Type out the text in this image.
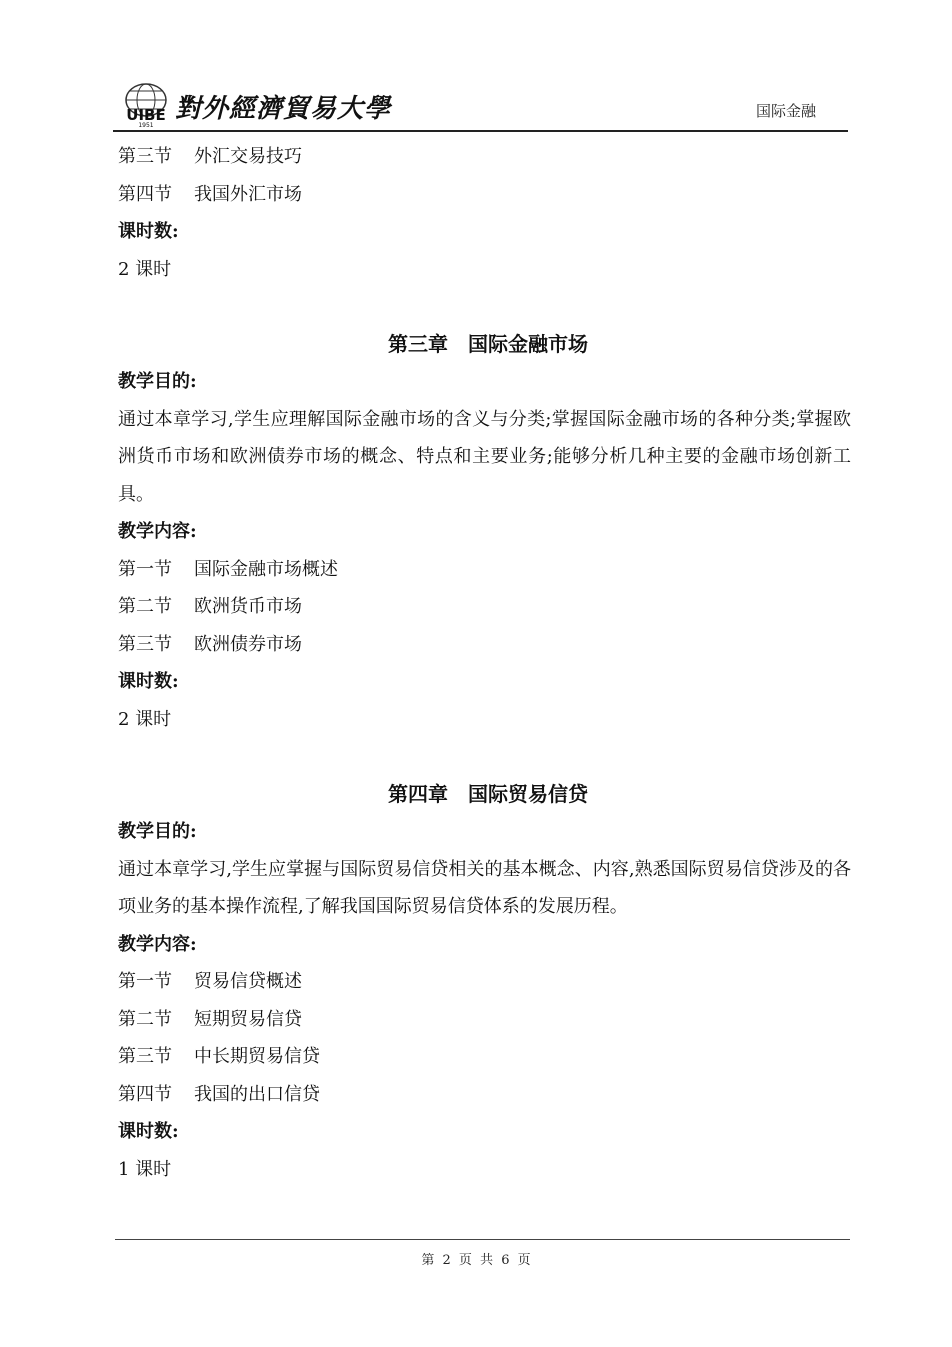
UIBE
1951
對外經濟貿易大學	国际金融
第三节 外汇交易技巧
第四节 我国外汇市场
课时数:
2 课时
第三章　国际金融市场
教学目的:
通过本章学习,学生应理解国际金融市场的含义与分类;掌握国际金融市场的各种分类;掌握欧洲货币市场和欧洲债券市场的概念、特点和主要业务;能够分析几种主要的金融市场创新工具。
教学内容:
第一节 国际金融市场概述
第二节 欧洲货币市场
第三节 欧洲债券市场
课时数:
2 课时
第四章　国际贸易信贷
教学目的:
通过本章学习,学生应掌握与国际贸易信贷相关的基本概念、内容,熟悉国际贸易信贷涉及的各项业务的基本操作流程,了解我国国际贸易信贷体系的发展历程。
教学内容:
第一节 贸易信贷概述
第二节 短期贸易信贷
第三节 中长期贸易信贷
第四节 我国的出口信贷
课时数:
1 课时
第 2 页 共 6 页
